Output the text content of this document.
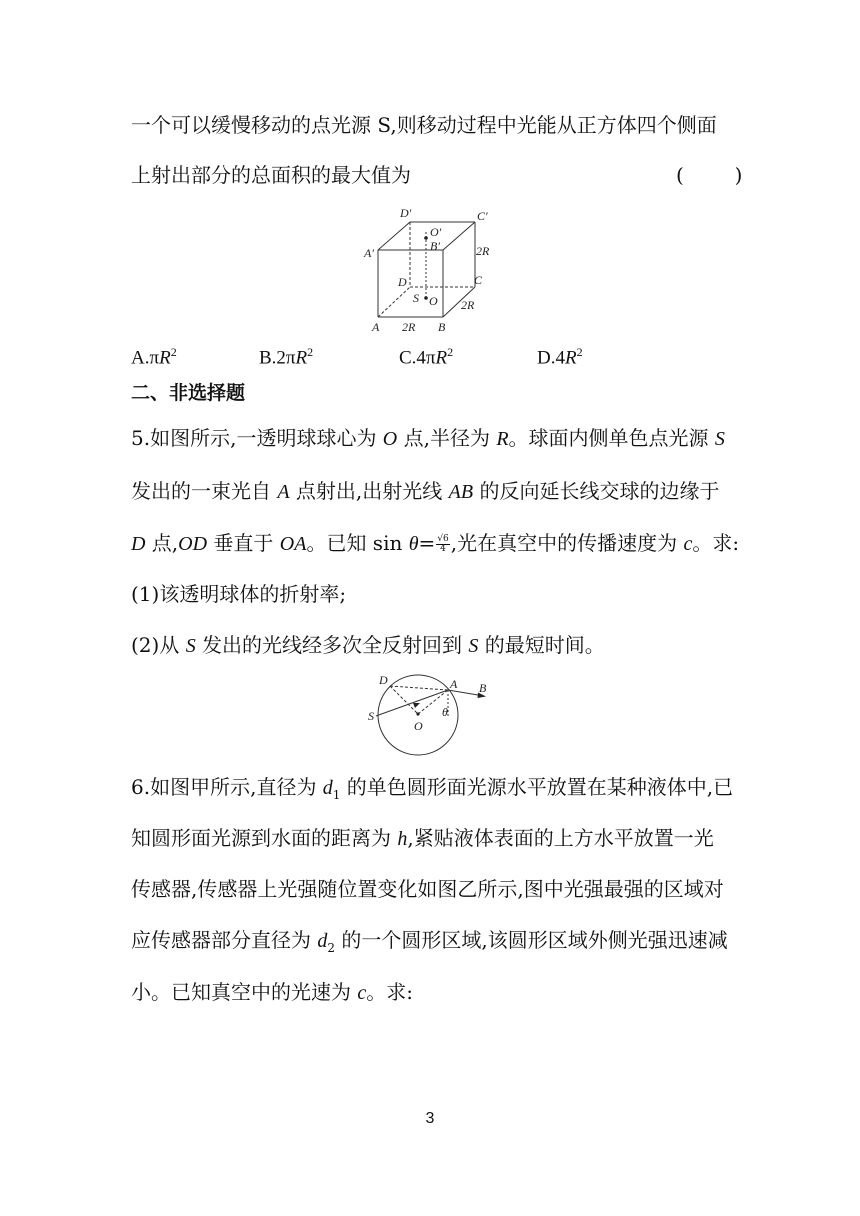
一个可以缓慢移动的点光源 S,则移动过程中光能从正方体四个侧面
上射出部分的总面积的最大值为	(        )
D′	C′
O′
B′
A′	2R
D	C
S O 2R
A 2R B
$A.\pi R^2$	$B.2\pi R^2$	$C.4\pi R^2$	$D.4R^2$
二、非选择题
5.如图所示,一透明球球心为 O 点,半径为 R。球面内侧单色点光源 S
发出的一束光自 A 点射出,出射光线 AB 的反向延长线交球的边缘于
D 点,OD 垂直于 OA。已知 $\sin \theta= \frac{√6}{4}$ ,光在真空中的传播速度为 c。求:
(1)该透明球体的折射率;
(2)从 S 发出的光线经多次全反射回到 S 的最短时间。
D	A B
S
O
θ
6.如图甲所示,直径为 $d_1$ 的单色圆形面光源水平放置在某种液体中,已
知圆形面光源到水面的距离为 h,紧贴液体表面的上方水平放置一光
传感器,传感器上光强随位置变化如图乙所示,图中光强最强的区域对
应传感器部分直径为 $d_2$ 的一个圆形区域,该圆形区域外侧光强迅速减
小。已知真空中的光速为 c。求:
3
